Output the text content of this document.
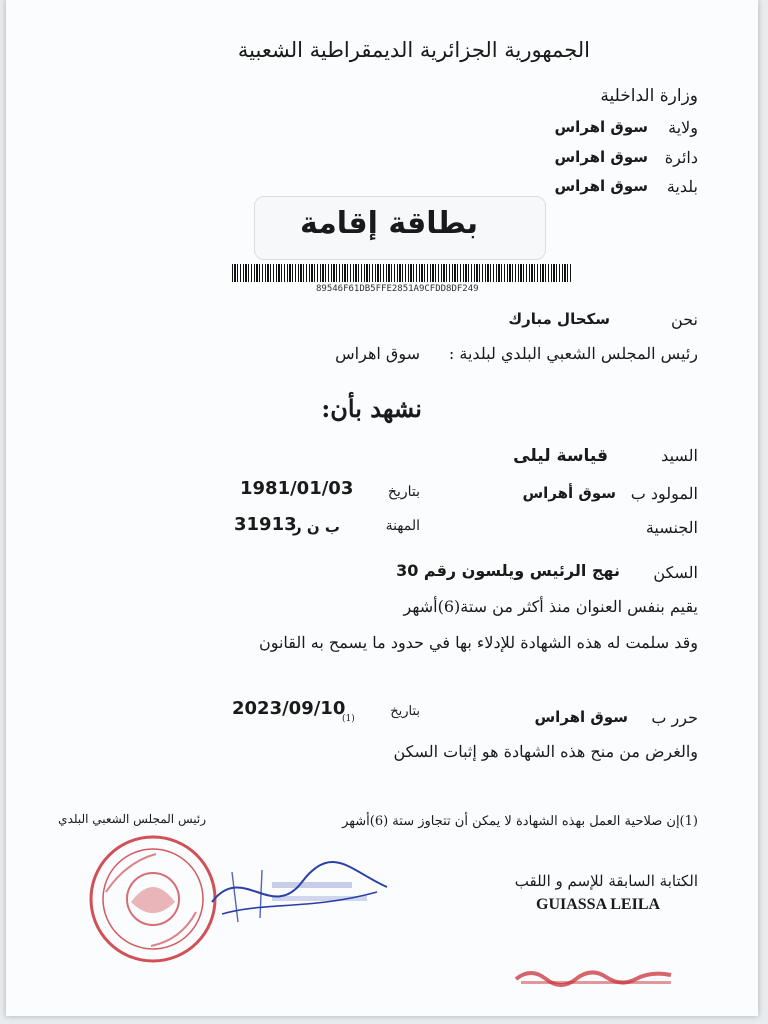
الجمهورية الجزائرية الديمقراطية الشعبية
وزارة الداخلية
ولاية
سوق اهراس
دائرة
سوق اهراس
بلدية
سوق اهراس
بطاقة إقامة
89546F61DB5FFE2851A9CFDD8DF249
نحن
سكحال مبارك
رئيس المجلس الشعبي البلدي لبلدية :
سوق اهراس
نشهد بأن:
السيد
قياسة ليلى
المولود ب
سوق أهراس
بتاريخ
1981/01/03
الجنسية
المهنة
ب ن ر
31913
السكن
نهج الرئيس ويلسون رقم 30
يقيم بنفس العنوان منذ أكثر من ستة(6)أشهر
وقد سلمت له هذه الشهادة للإدلاء بها في حدود ما يسمح به القانون
حرر ب
سوق اهراس
بتاريخ
(1)
2023/09/10
والغرض من منح هذه الشهادة هو إثبات السكن
(1)إن صلاحية العمل بهذه الشهادة لا يمكن أن تتجاوز ستة (6)أشهر
رئيس المجلس الشعبي البلدي
الكتابة السابقة للإسم و اللقب
GUIASSA LEILA
